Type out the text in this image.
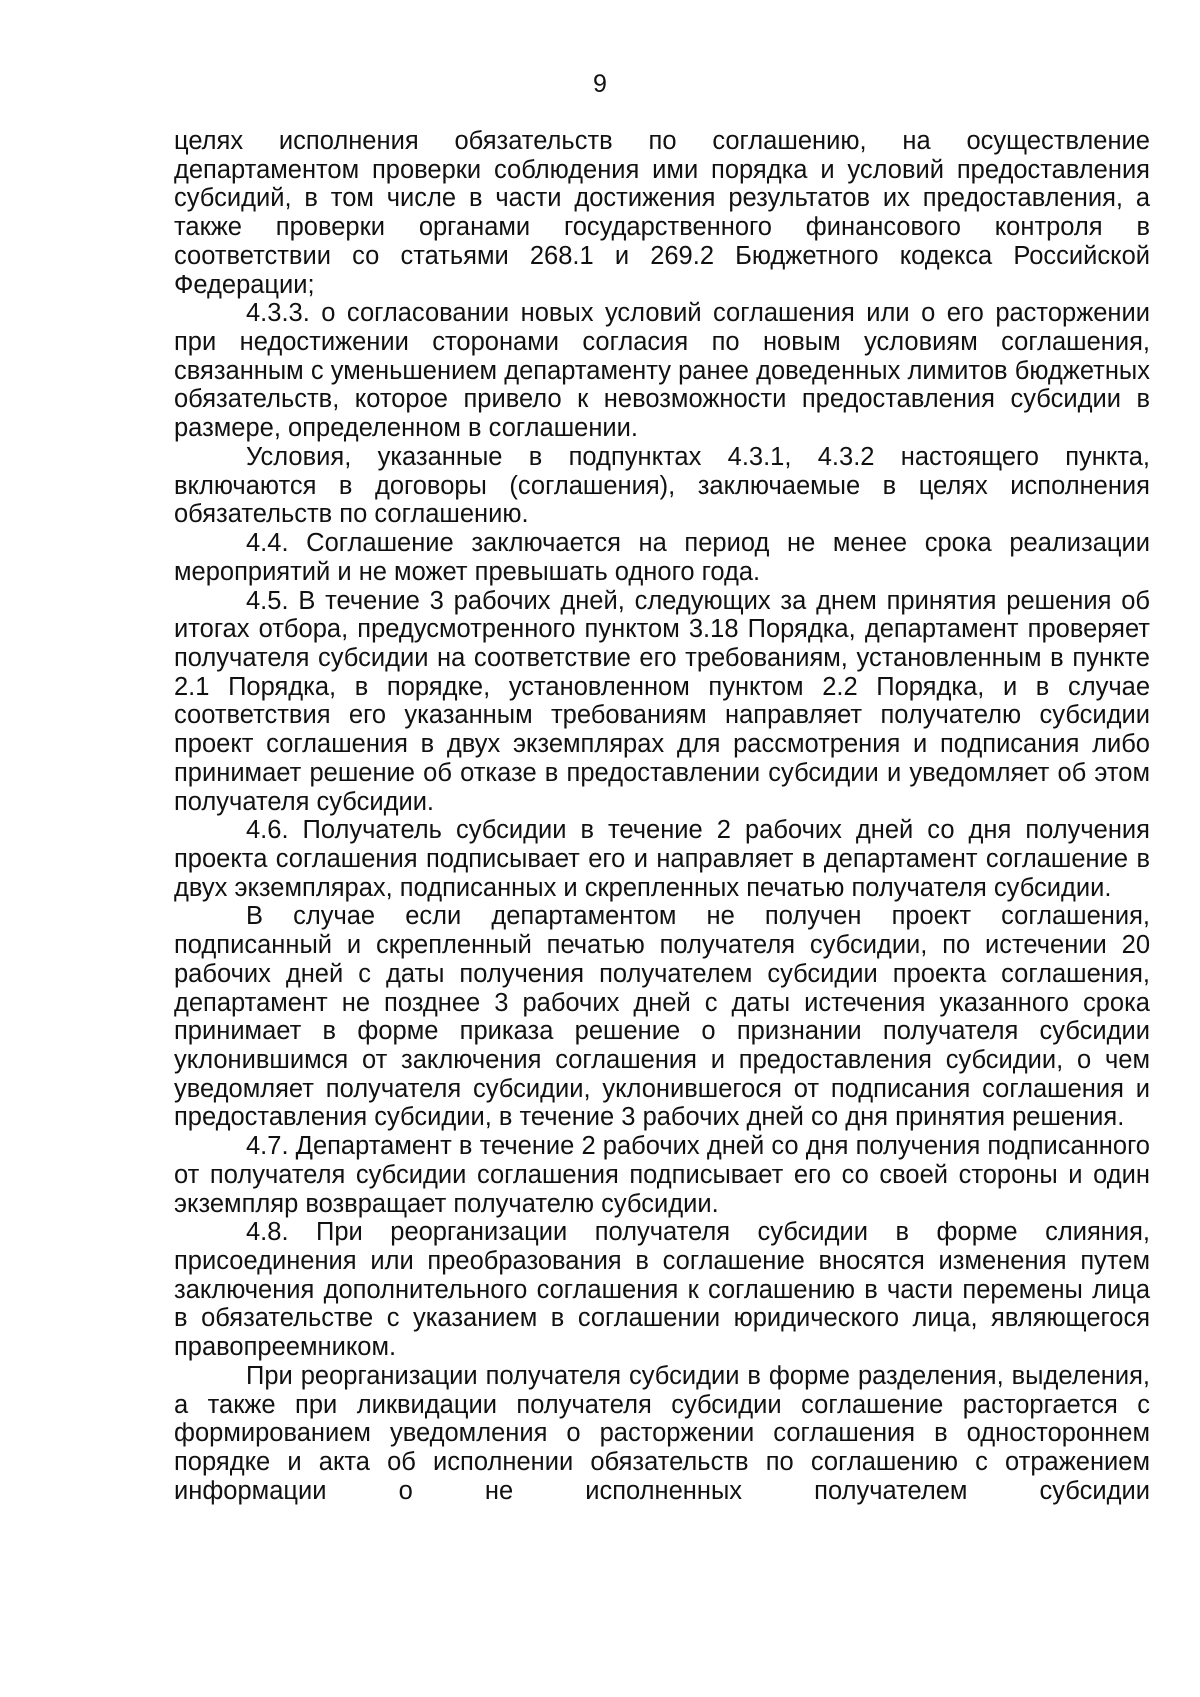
9

целях исполнения обязательств по соглашению, на осуществление департаментом проверки соблюдения ими порядка и условий предоставления субсидий, в том числе в части достижения результатов их предоставления, а также проверки органами государственного финансового контроля в соответствии со статьями 268.1 и 269.2 Бюджетного кодекса Российской Федерации;

4.3.3. о согласовании новых условий соглашения или о его расторжении при недостижении сторонами согласия по новым условиям соглашения, связанным с уменьшением департаменту ранее доведенных лимитов бюджетных обязательств, которое привело к невозможности предоставления субсидии в размере, определенном в соглашении.

Условия, указанные в подпунктах 4.3.1, 4.3.2 настоящего пункта, включаются в договоры (соглашения), заключаемые в целях исполнения обязательств по соглашению.

4.4. Соглашение заключается на период не менее срока реализации мероприятий и не может превышать одного года.

4.5. В течение 3 рабочих дней, следующих за днем принятия решения об итогах отбора, предусмотренного пунктом 3.18 Порядка, департамент проверяет получателя субсидии на соответствие его требованиям, установленным в пункте 2.1 Порядка, в порядке, установленном пунктом 2.2 Порядка, и в случае соответствия его указанным требованиям направляет получателю субсидии проект соглашения в двух экземплярах для рассмотрения и подписания либо принимает решение об отказе в предоставлении субсидии и уведомляет об этом получателя субсидии.

4.6. Получатель субсидии в течение 2 рабочих дней со дня получения проекта соглашения подписывает его и направляет в департамент соглашение в двух экземплярах, подписанных и скрепленных печатью получателя субсидии.

В случае если департаментом не получен проект соглашения, подписанный и скрепленный печатью получателя субсидии, по истечении 20 рабочих дней с даты получения получателем субсидии проекта соглашения, департамент не позднее 3 рабочих дней с даты истечения указанного срока принимает в форме приказа решение о признании получателя субсидии уклонившимся от заключения соглашения и предоставления субсидии, о чем уведомляет получателя субсидии, уклонившегося от подписания соглашения и предоставления субсидии, в течение 3 рабочих дней со дня принятия решения.

4.7. Департамент в течение 2 рабочих дней со дня получения подписанного от получателя субсидии соглашения подписывает его со своей стороны и один экземпляр возвращает получателю субсидии.

4.8. При реорганизации получателя субсидии в форме слияния, присоединения или преобразования в соглашение вносятся изменения путем заключения дополнительного соглашения к соглашению в части перемены лица в обязательстве с указанием в соглашении юридического лица, являющегося правопреемником.

При реорганизации получателя субсидии в форме разделения, выделения, а также при ликвидации получателя субсидии соглашение расторгается с формированием уведомления о расторжении соглашения в одностороннем порядке и акта об исполнении обязательств по соглашению с отражением информации о не исполненных получателем субсидии
